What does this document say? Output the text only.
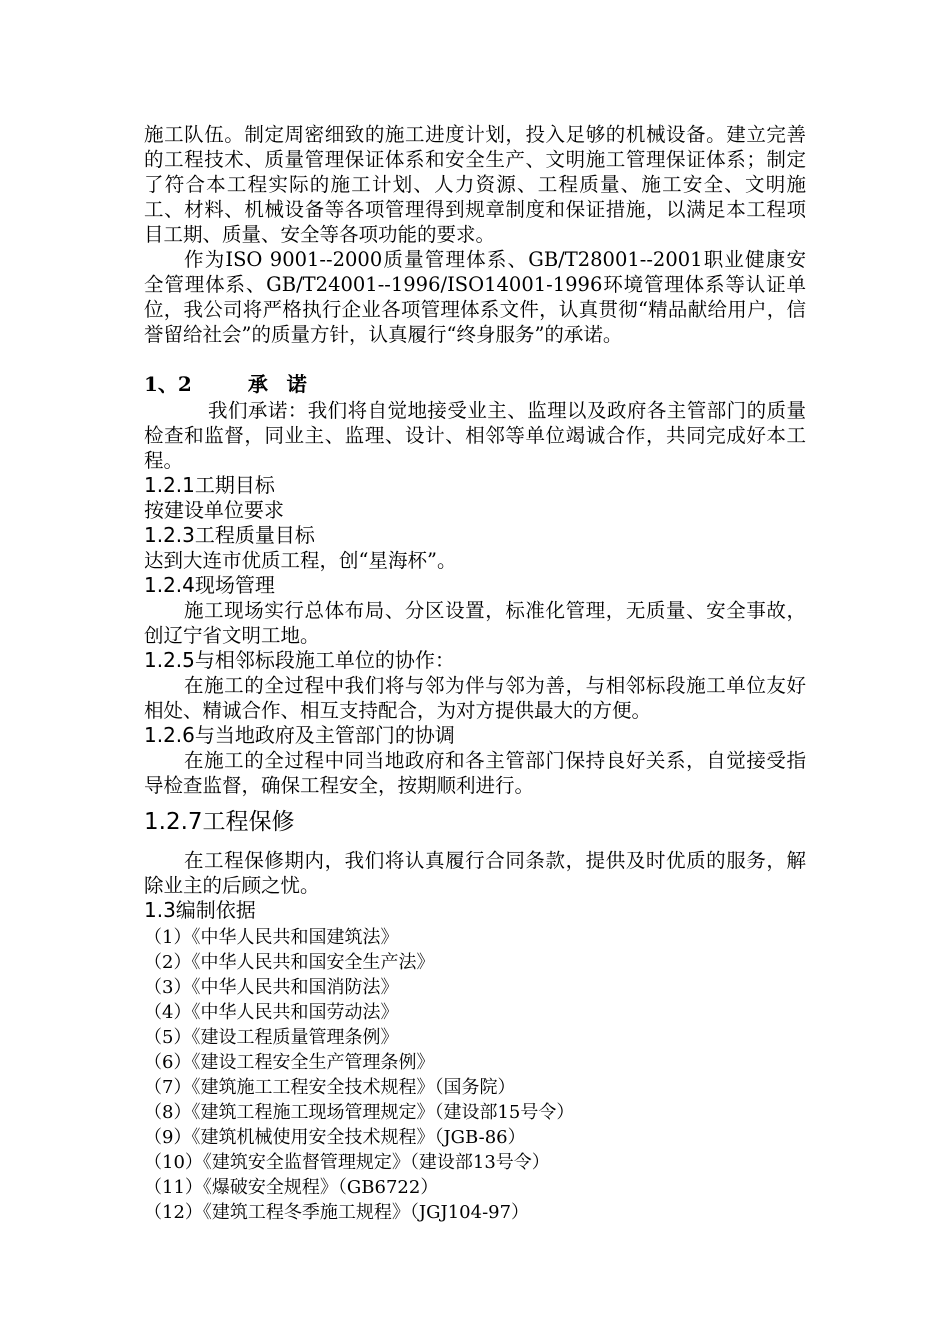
施工队伍。制定周密细致的施工进度计划，投入足够的机械设备。建立完善的工程技术、质量管理保证体系和安全生产、文明施工管理保证体系；制定了符合本工程实际的施工计划、人力资源、工程质量、施工安全、文明施工、材料、机械设备等各项管理得到规章制度和保证措施，以满足本工程项目工期、质量、安全等各项功能的要求。
作为ISO 9001--2000质量管理体系、GB/T28001--2001职业健康安全管理体系、GB/T24001--1996/ISO14001-1996环境管理体系等认证单位，我公司将严格执行企业各项管理体系文件，认真贯彻“精品献给用户，信誉留给社会”的质量方针，认真履行“终身服务”的承诺。
1、2	承 诺
我们承诺：我们将自觉地接受业主、监理以及政府各主管部门的质量检查和监督，同业主、监理、设计、相邻等单位竭诚合作，共同完成好本工程。
1.2.1工期目标
按建设单位要求
1.2.3工程质量目标
达到大连市优质工程，创“星海杯”。
1.2.4现场管理
施工现场实行总体布局、分区设置，标准化管理，无质量、安全事故，创辽宁省文明工地。
1.2.5与相邻标段施工单位的协作：
在施工的全过程中我们将与邻为伴与邻为善，与相邻标段施工单位友好相处、精诚合作、相互支持配合，为对方提供最大的方便。
1.2.6与当地政府及主管部门的协调
在施工的全过程中同当地政府和各主管部门保持良好关系，自觉接受指导检查监督，确保工程安全，按期顺利进行。
1.2.7工程保修
在工程保修期内，我们将认真履行合同条款，提供及时优质的服务，解除业主的后顾之忧。
1.3编制依据
（1）《中华人民共和国建筑法》
（2）《中华人民共和国安全生产法》
（3）《中华人民共和国消防法》
（4）《中华人民共和国劳动法》
（5）《建设工程质量管理条例》
（6）《建设工程安全生产管理条例》
（7）《建筑施工工程安全技术规程》（国务院）
（8）《建筑工程施工现场管理规定》（建设部15号令）
（9）《建筑机械使用安全技术规程》（JGB-86）
（10）《建筑安全监督管理规定》（建设部13号令）
（11）《爆破安全规程》（GB6722）
（12）《建筑工程冬季施工规程》（JGJ104-97）
